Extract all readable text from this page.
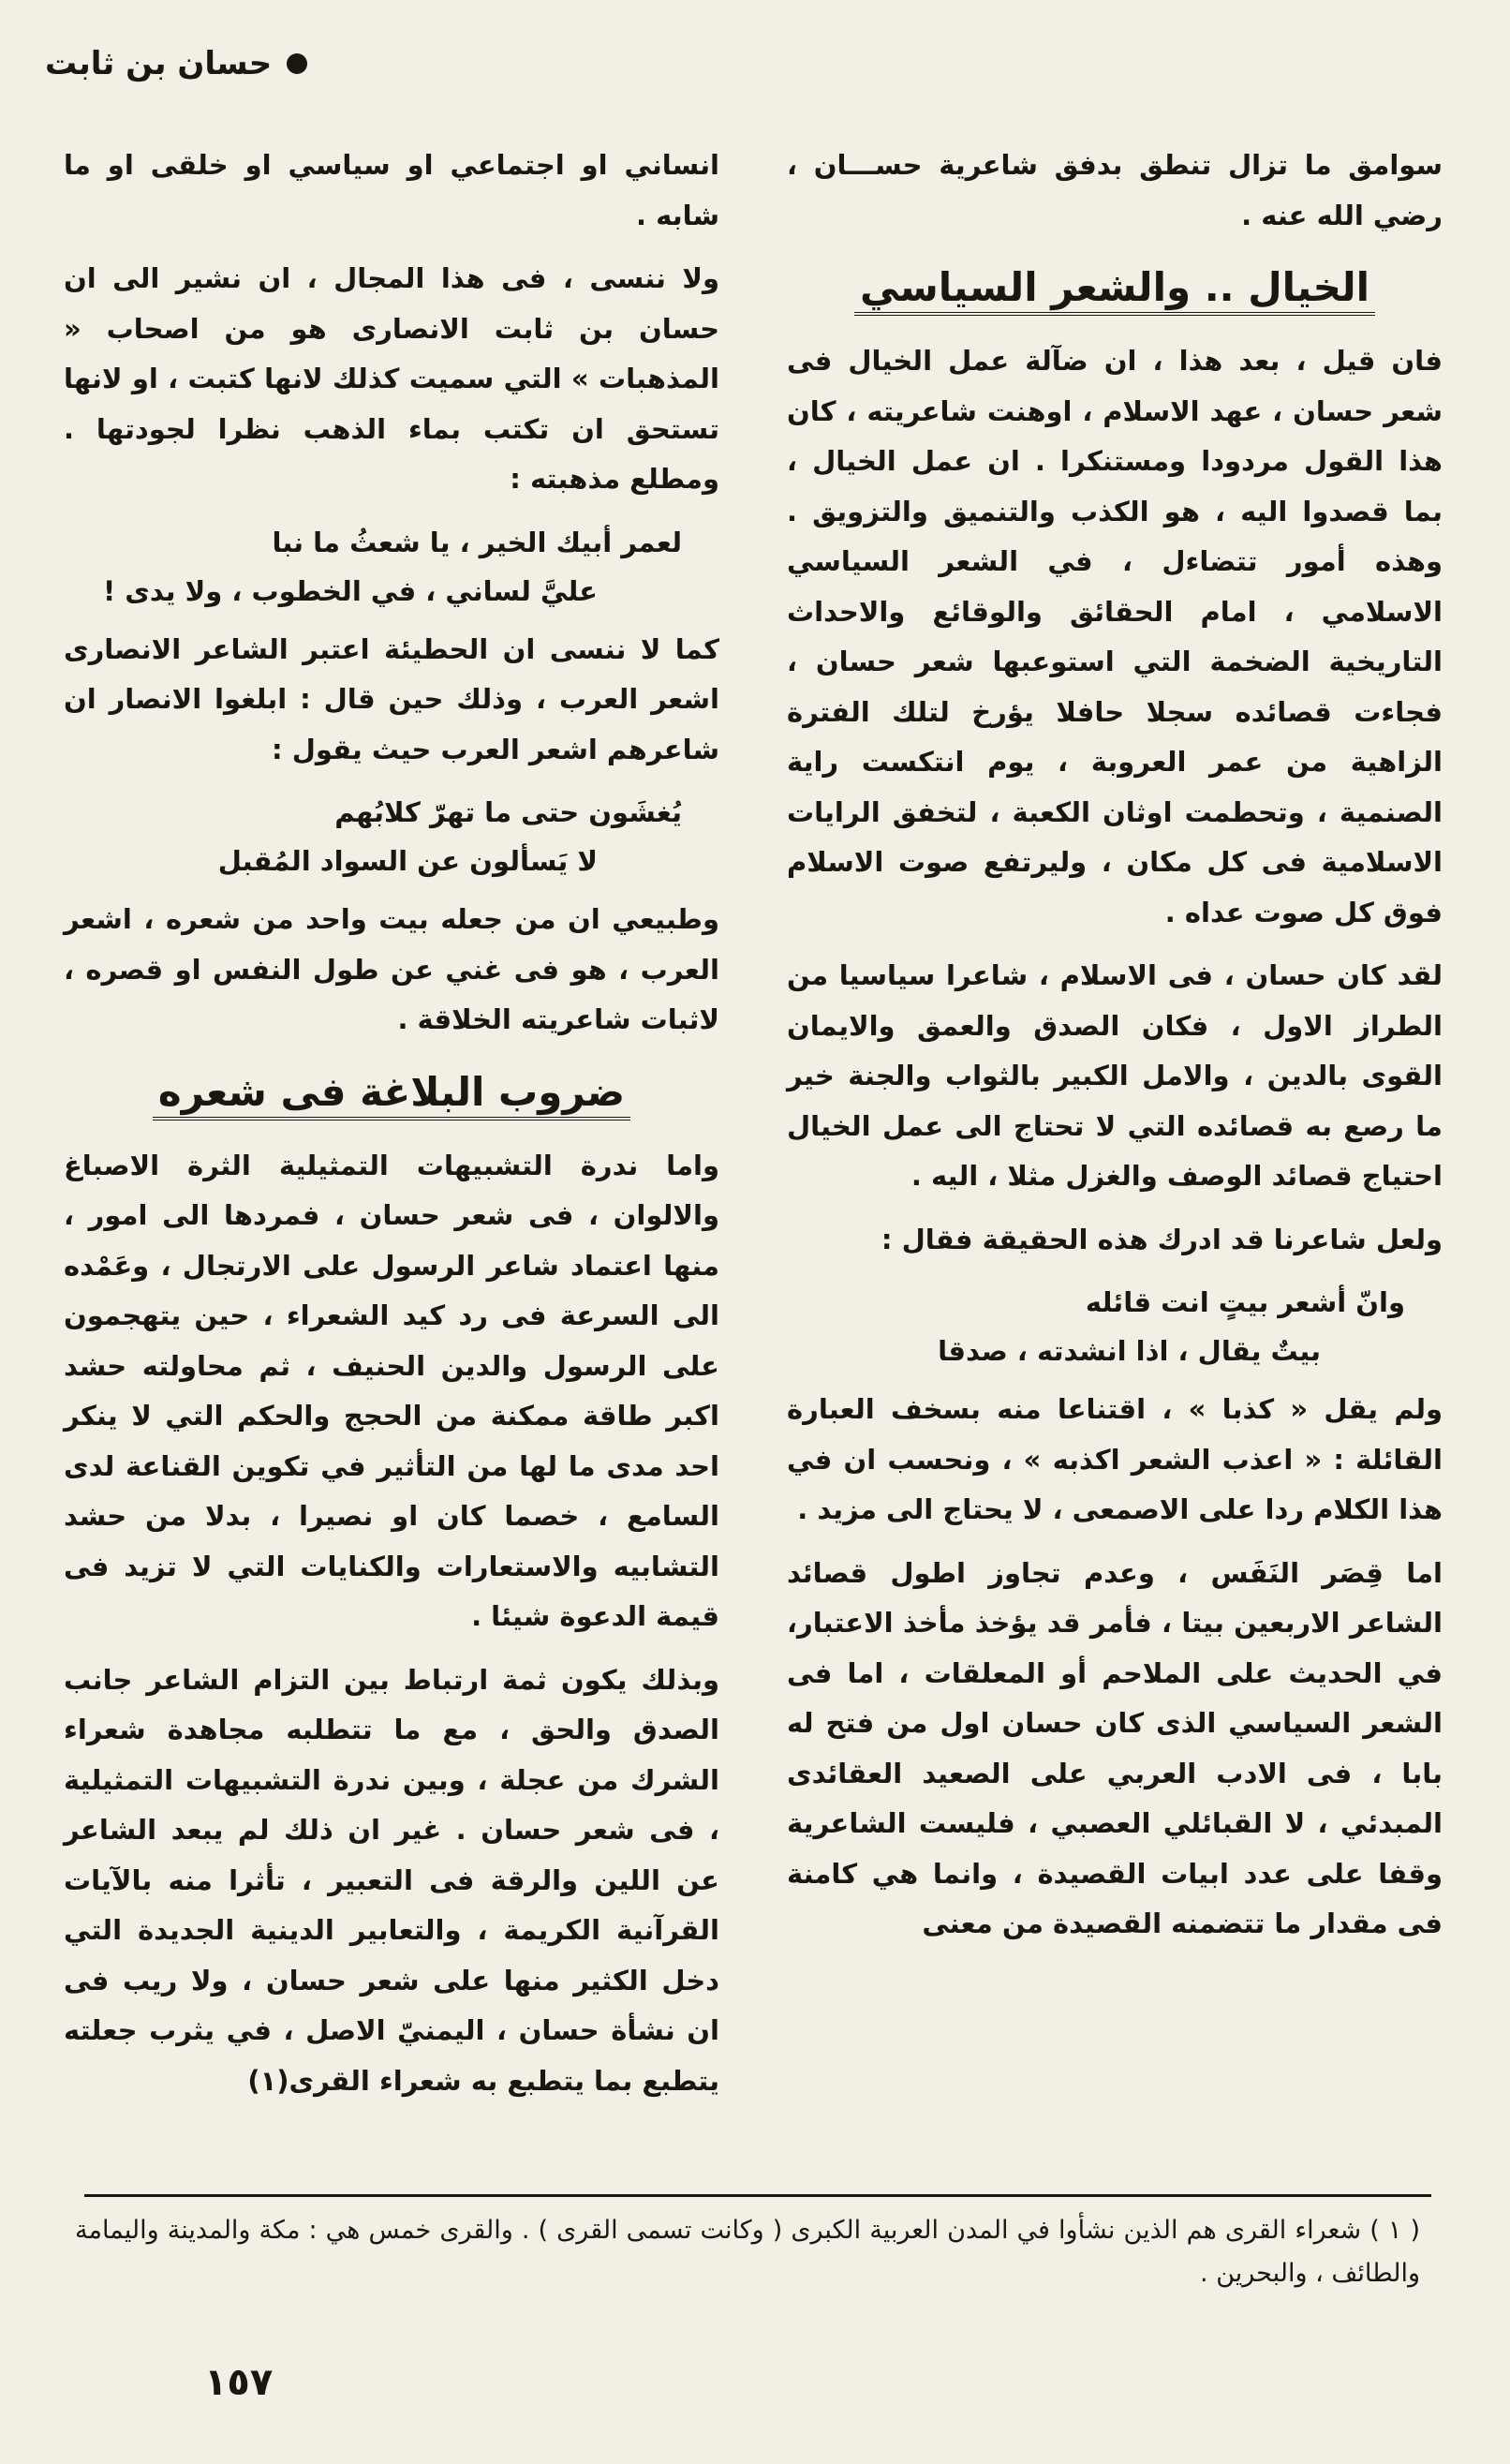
حسان بن ثابت

سوامق ما تزال تنطق بدفق شاعرية حســـان ، رضي الله عنه .

الخيال .. والشعر السياسي

فان قيل ، بعد هذا ، ان ضآلة عمل الخيال فى شعر حسان ، عهد الاسلام ، اوهنت شاعريته ، كان هذا القول مردودا ومستنكرا . ان عمل الخيال ، بما قصدوا اليه ، هو الكذب والتنميق والتزويق . وهذه أمور تتضاءل ، في الشعر السياسي الاسلامي ، امام الحقائق والوقائع والاحداث التاريخية الضخمة التي استوعبها شعر حسان ، فجاءت قصائده سجلا حافلا يؤرخ لتلك الفترة الزاهية من عمر العروبة ، يوم انتكست راية الصنمية ، وتحطمت اوثان الكعبة ، لتخفق الرايات الاسلامية فى كل مكان ، وليرتفع صوت الاسلام فوق كل صوت عداه .

لقد كان حسان ، فى الاسلام ، شاعرا سياسيا من الطراز الاول ، فكان الصدق والعمق والايمان القوى بالدين ، والامل الكبير بالثواب والجنة خير ما رصع به قصائده التي لا تحتاج الى عمل الخيال احتياج قصائد الوصف والغزل مثلا ، اليه .

ولعل شاعرنا قد ادرك هذه الحقيقة فقال :

وانّ أشعر بيتٍ انت قائله
بيتٌ يقال ، اذا انشدته ، صدقا

ولم يقل « كذبا » ، اقتناعا منه بسخف العبارة القائلة : « اعذب الشعر اكذبه » ، ونحسب ان في هذا الكلام ردا على الاصمعى ، لا يحتاج الى مزيد .

اما قِصَر النَفَس ، وعدم تجاوز اطول قصائد الشاعر الاربعين بيتا ، فأمر قد يؤخذ مأخذ الاعتبار، في الحديث على الملاحم أو المعلقات ، اما فى الشعر السياسي الذى كان حسان اول من فتح له بابا ، فى الادب العربي على الصعيد العقائدى المبدئي ، لا القبائلي العصبي ، فليست الشاعرية وقفا على عدد ابيات القصيدة ، وانما هي كامنة فى مقدار ما تتضمنه القصيدة من معنى

انساني او اجتماعي او سياسي او خلقى او ما شابه .

ولا ننسى ، فى هذا المجال ، ان نشير الى ان حسان بن ثابت الانصارى هو من اصحاب « المذهبات » التي سميت كذلك لانها كتبت ، او لانها تستحق ان تكتب بماء الذهب نظرا لجودتها . ومطلع مذهبته :

لعمر أبيك الخير ، يا شعثُ ما نبا
عليَّ لساني ، في الخطوب ، ولا يدى !

كما لا ننسى ان الحطيئة اعتبر الشاعر الانصارى اشعر العرب ، وذلك حين قال : ابلغوا الانصار ان شاعرهم اشعر العرب حيث يقول :

يُغشَون حتى ما تهرّ كلابُهم
لا يَسألون عن السواد المُقبل

وطبيعي ان من جعله بيت واحد من شعره ، اشعر العرب ، هو فى غني عن طول النفس او قصره ، لاثبات شاعريته الخلاقة .

ضروب البلاغة فى شعره

واما ندرة التشبيهات التمثيلية الثرة الاصباغ والالوان ، فى شعر حسان ، فمردها الى امور ، منها اعتماد شاعر الرسول على الارتجال ، وعَمْده الى السرعة فى رد كيد الشعراء ، حين يتهجمون على الرسول والدين الحنيف ، ثم محاولته حشد اكبر طاقة ممكنة من الحجج والحكم التي لا ينكر احد مدى ما لها من التأثير في تكوين القناعة لدى السامع ، خصما كان او نصيرا ، بدلا من حشد التشابيه والاستعارات والكنايات التي لا تزيد فى قيمة الدعوة شيئا .

وبذلك يكون ثمة ارتباط بين التزام الشاعر جانب الصدق والحق ، مع ما تتطلبه مجاهدة شعراء الشرك من عجلة ، وبين ندرة التشبيهات التمثيلية ، فى شعر حسان . غير ان ذلك لم يبعد الشاعر عن اللين والرقة فى التعبير ، تأثرا منه بالآيات القرآنية الكريمة ، والتعابير الدينية الجديدة التي دخل الكثير منها على شعر حسان ، ولا ريب فى ان نشأة حسان ، اليمنيّ الاصل ، في يثرب جعلته يتطبع بما يتطبع به شعراء القرى(١)

( ١ ) شعراء القرى هم الذين نشأوا في المدن العربية الكبرى ( وكانت تسمى القرى ) . والقرى خمس هي : مكة والمدينة واليمامة والطائف ، والبحرين .
١٥٧
